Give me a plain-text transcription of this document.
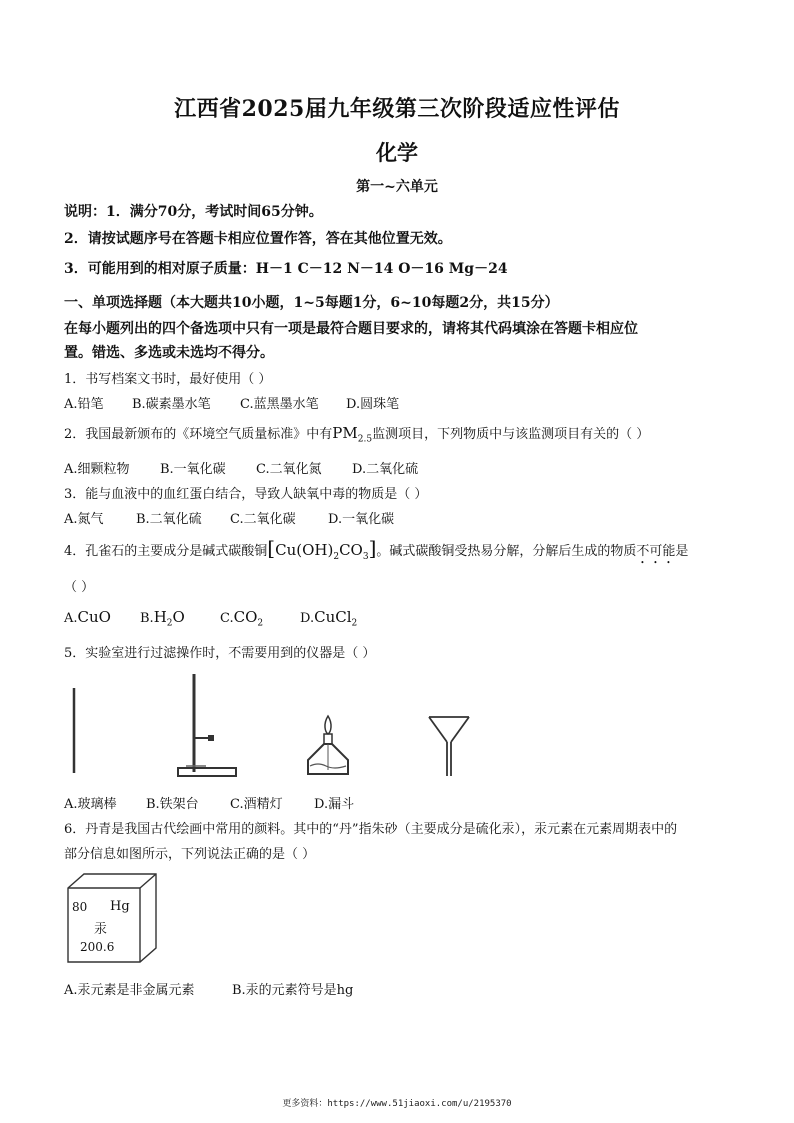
江西省2025届九年级第三次阶段适应性评估
化学
第一~六单元
说明：1．满分70分，考试时间65分钟。
2．请按试题序号在答题卡相应位置作答，答在其他位置无效。
3．可能用到的相对原子质量：H－1 C－12 N－14 O－16 Mg－24
一、单项选择题（本大题共10小题，1~5每题1分，6~10每题2分，共15分）
在每小题列出的四个备选项中只有一项是最符合题目要求的，请将其代码填涂在答题卡相应位
置。错选、多选或未选均不得分。
1．书写档案文书时，最好使用（ ）
A.铅笔 B.碳素墨水笔 C.蓝黑墨水笔 D.圆珠笔
2．我国最新颁布的《环境空气质量标准》中有$PM_{2.5}$监测项目，下列物质中与该监测项目有关的（ ）
A.细颗粒物 B.一氧化碳 C.二氧化氮 D.二氧化硫
3．能与血液中的血红蛋白结合，导致人缺氧中毒的物质是（ ）
A.氮气 B.二氧化硫 C.二氧化碳 D.一氧化碳
4．孔雀石的主要成分是碱式碳酸铜$[Cu(OH)_2CO_3]$。碱式碳酸铜受热易分解，分解后生成的物质不可能是
（ ）
A.CuO $B.H_2O$	$C.CO_2$	D.CuCl$_2$
5．实验室进行过滤操作时，不需要用到的仪器是（ ）
A.玻璃棒 B.铁架台 C.酒精灯 D.漏斗
6．丹青是我国古代绘画中常用的颜料。其中的“丹”指朱砂（主要成分是硫化汞），汞元素在元素周期表中的
部分信息如图所示，下列说法正确的是（ ）
80 Hg
汞
200.6
A.汞元素是非金属元素	B.汞的元素符号是hg
更多资料：https://www.51jiaoxi.com/u/2195370
